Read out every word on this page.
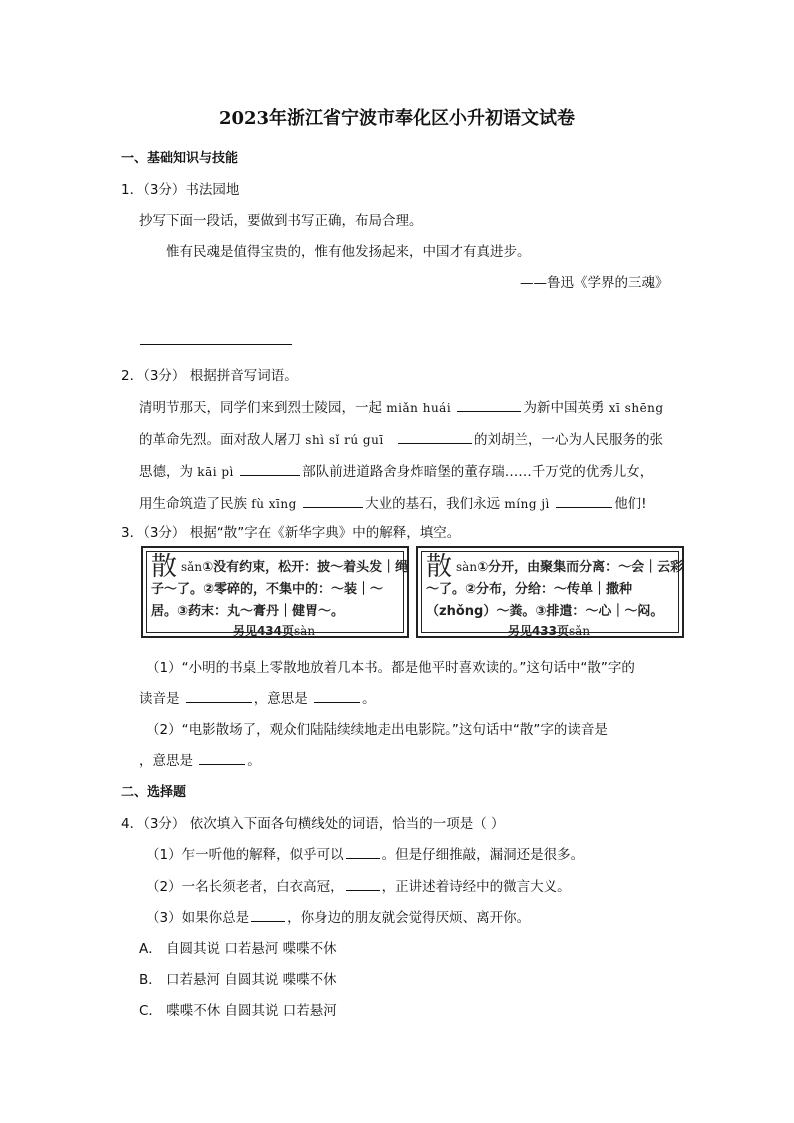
2023年浙江省宁波市奉化区小升初语文试卷
一、基础知识与技能
1．（3分）书法园地
抄写下面一段话，要做到书写正确，布局合理。
惟有民魂是值得宝贵的，惟有他发扬起来，中国才有真进步。
——鲁迅《学界的三魂》
2．（3分） 根据拼音写词语。
清明节那天，同学们来到烈士陵园，一起 miǎn huái	为新中国英勇 xī shēng
的革命先烈。面对敌人屠刀 shì sǐ rú guī	的刘胡兰，一心为人民服务的张
思德，为 kāi pì	部队前进道路舍身炸暗堡的董存瑞……千万党的优秀儿女，
用生命筑造了民族 fù xīng	大业的基石，我们永远 míng jì	他们!
3．（3分） 根据“散”字在《新华字典》中的解释，填空。
散sǎn①没有约束，松开：披～着头发｜绳
子～了。②零碎的，不集中的：～装｜～
居。③药末：丸～膏丹｜健胃～。
另见434页sàn
散sàn①分开，由聚集而分离：～会｜云彩
～了。②分布，分给：～传单｜撒种
（zhǒng）～粪。③排遣：～心｜～闷。
另见433页sǎn
（1）“小明的书桌上零散地放着几本书。都是他平时喜欢读的。”这句话中“散”字的
读音是	，意思是	。
（2）“电影散场了，观众们陆陆续续地走出电影院。”这句话中“散”字的读音是
，意思是	。
二、选择题
4．（3分） 依次填入下面各句横线处的词语，恰当的一项是（ ）
（1）乍一听他的解释，似乎可以	。但是仔细推敲，漏洞还是很多。
（2）一名长须老者，白衣高冠，	，正讲述着诗经中的微言大义。
（3）如果你总是	，你身边的朋友就会觉得厌烦、离开你。
A． 自圆其说 口若悬河 喋喋不休
B． 口若悬河 自圆其说 喋喋不休
C． 喋喋不休 自圆其说 口若悬河
